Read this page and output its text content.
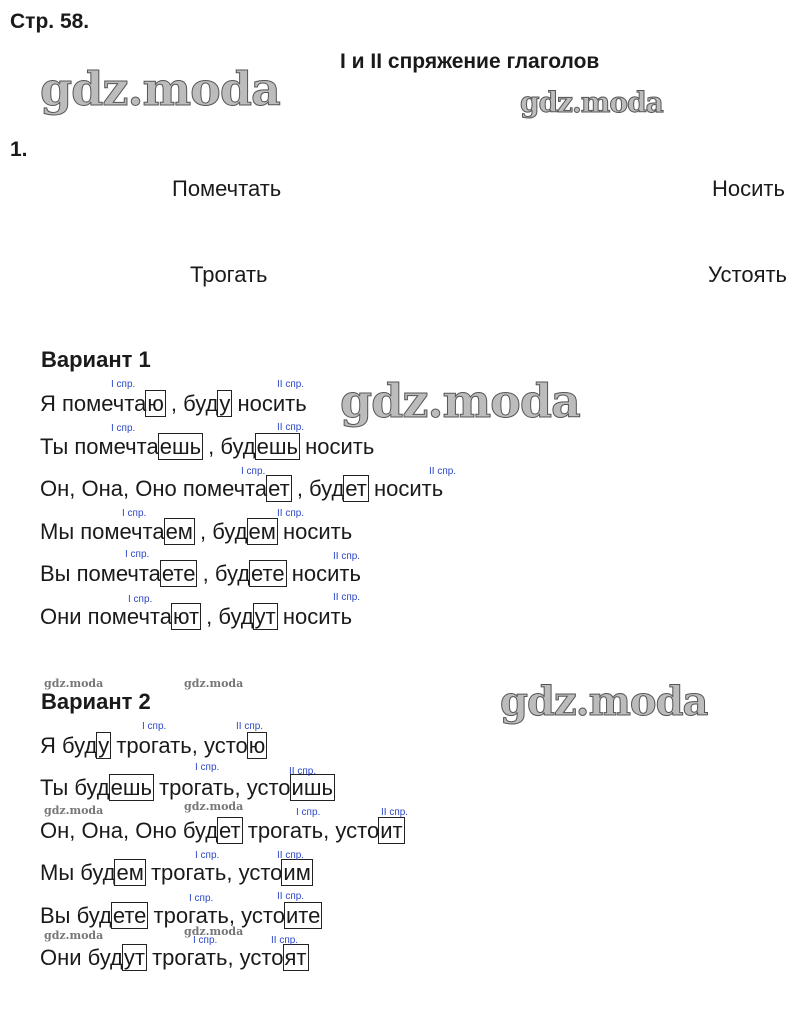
Стр. 58.
I и II спряжение глаголов
1.
gdz.moda	gdz.moda
gdz.moda
gdz.moda
gdz.moda	gdz.moda
gdz.moda	gdz.moda
gdz.moda	gdz.moda
Помечтать	Носить
Трогать	Устоять
Вариант 1
Я помечтаю , буду носить
Ты помечтаешь , будешь носить
Он, Она, Оно помечтает , будет носить
Мы помечтаем , будем носить
Вы помечтаете , будете носить
Они помечтают , будут носить
I спр.	II спр.
I спр.	II спр.
I спр.	II спр.
I спр.	II спр.
I спр.	II спр.
I спр.	II спр.
Вариант 2
Я буду трогать, устою
Ты будешь трогать, устоишь
Он, Она, Оно будет трогать, устоит
Мы будем трогать, устоим
Вы будете трогать, устоите
Они будут трогать, устоят
I спр.	II спр.
I спр.	II спр.
I спр.	II спр.
I спр.	II спр.
I спр.	II спр.
I спр.	II спр.
